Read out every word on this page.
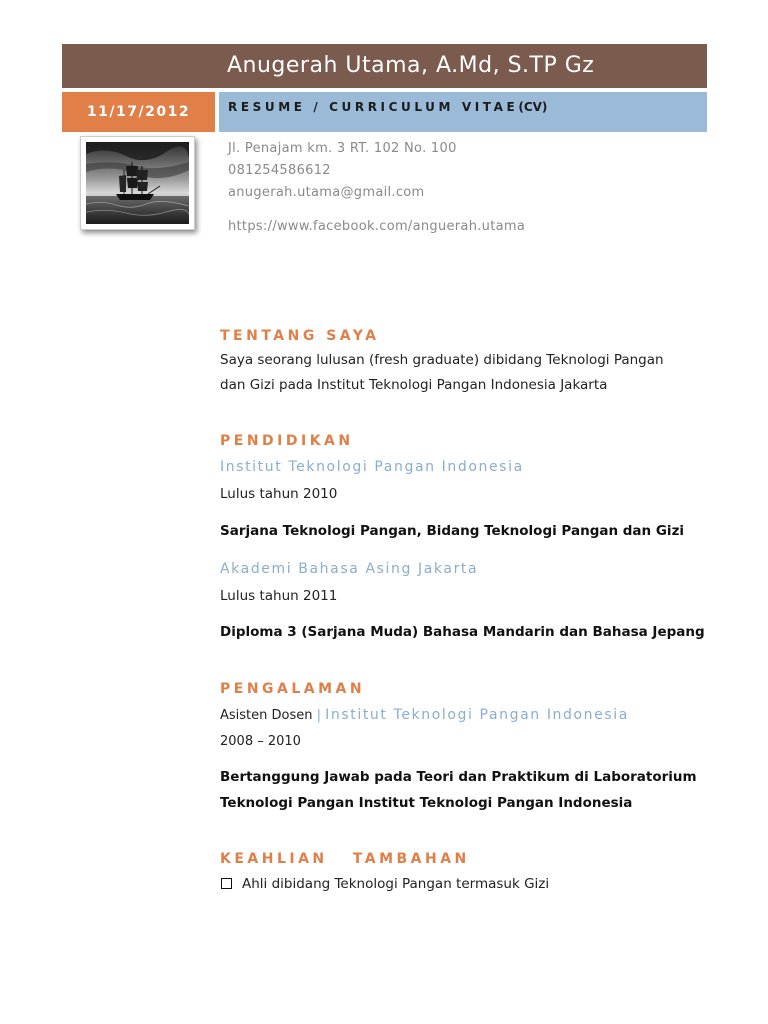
Anugerah Utama, A.Md, S.TP Gz
11/17/2012	RESUME / CURRICULUM VITAE(CV)
Jl. Penajam km. 3 RT. 102 No. 100
081254586612
anugerah.utama@gmail.com
https://www.facebook.com/anguerah.utama
TENTANG SAYA
Saya seorang lulusan (fresh graduate) dibidang Teknologi Pangan
dan Gizi pada Institut Teknologi Pangan Indonesia Jakarta
PENDIDIKAN
Institut Teknologi Pangan Indonesia
Lulus tahun 2010
Sarjana Teknologi Pangan, Bidang Teknologi Pangan dan Gizi
Akademi Bahasa Asing Jakarta
Lulus tahun 2011
Diploma 3 (Sarjana Muda) Bahasa Mandarin dan Bahasa Jepang
PENGALAMAN
Asisten Dosen | Institut Teknologi Pangan Indonesia
2008 – 2010
Bertanggung Jawab pada Teori dan Praktikum di Laboratorium
Teknologi Pangan Institut Teknologi Pangan Indonesia
KEAHLIAN   TAMBAHAN
Ahli dibidang Teknologi Pangan termasuk Gizi
